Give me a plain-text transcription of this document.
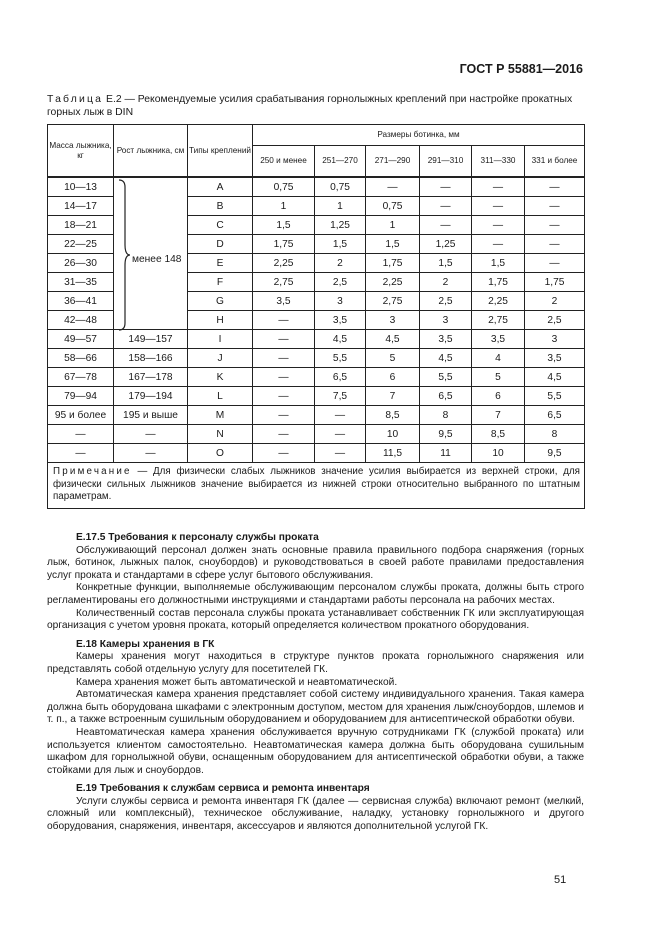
ГОСТ Р 55881—2016
Таблица Е.2 — Рекомендуемые усилия срабатывания горнолыжных креплений при настройке прокатных горных лыж в DIN
Масса лыжника, кг	Рост лыжника, см	Типы креплений	Размеры ботинка, мм					
			250 и менее	251—270	271—290	291—310	311—330	331 и более
10—13	менее 148	A	0,75	0,75	—	—	—	—
14—17		B	1	1	0,75	—	—	—
18—21		C	1,5	1,25	1	—	—	—
22—25		D	1,75	1,5	1,5	1,25	—	—
26—30		E	2,25	2	1,75	1,5	1,5	—
31—35		F	2,75	2,5	2,25	2	1,75	1,75
36—41		G	3,5	3	2,75	2,5	2,25	2
42—48		H	—	3,5	3	3	2,75	2,5
49—57	149—157	I	—	4,5	4,5	3,5	3,5	3
58—66	158—166	J	—	5,5	5	4,5	4	3,5
67—78	167—178	K	—	6,5	6	5,5	5	4,5
79—94	179—194	L	—	7,5	7	6,5	6	5,5
95 и более	195 и выше	M	—	—	8,5	8	7	6,5
—	—	N	—	—	10	9,5	8,5	8
—	—	O	—	—	11,5	11	10	9,5
Примечание — Для физически слабых лыжников значение усилия выбирается из верхней строки, для физически сильных лыжников значение выбирается из нижней строки относительно выбранного по штатным параметрам.								
Е.17.5 Требования к персоналу службы проката

Обслуживающий персонал должен знать основные правила правильного подбора снаряжения (горных лыж, ботинок, лыжных палок, сноубордов) и руководствоваться в своей работе правилами предоставления услуг проката и стандартами в сфере услуг бытового обслуживания.

Конкретные функции, выполняемые обслуживающим персоналом службы проката, должны быть строго регламентированы его должностными инструкциями и стандартами работы персонала на рабочих местах.

Количественный состав персонала службы проката устанавливает собственник ГК или эксплуатирующая организация с учетом уровня проката, который определяется количеством прокатного оборудования.

Е.18 Камеры хранения в ГК

Камеры хранения могут находиться в структуре пунктов проката горнолыжного снаряжения или представлять собой отдельную услугу для посетителей ГК.

Камера хранения может быть автоматической и неавтоматической.

Автоматическая камера хранения представляет собой систему индивидуального хранения. Такая камера должна быть оборудована шкафами с электронным доступом, местом для хранения лыж/сноубордов, шлемов и т. п., а также встроенным сушильным оборудованием и оборудованием для антисептической обработки обуви.

Неавтоматическая камера хранения обслуживается вручную сотрудниками ГК (службой проката) или используется клиентом самостоятельно. Неавтоматическая камера должна быть оборудована сушильным шкафом для горнолыжной обуви, оснащенным оборудованием для антисептической обработки обуви, а также стойками для лыж и сноубордов.

Е.19 Требования к службам сервиса и ремонта инвентаря

Услуги службы сервиса и ремонта инвентаря ГК (далее — сервисная служба) включают ремонт (мелкий, сложный или комплексный), техническое обслуживание, наладку, установку горнолыжного и другого оборудования, снаряжения, инвентаря, аксессуаров и являются дополнительной услугой ГК.

51
